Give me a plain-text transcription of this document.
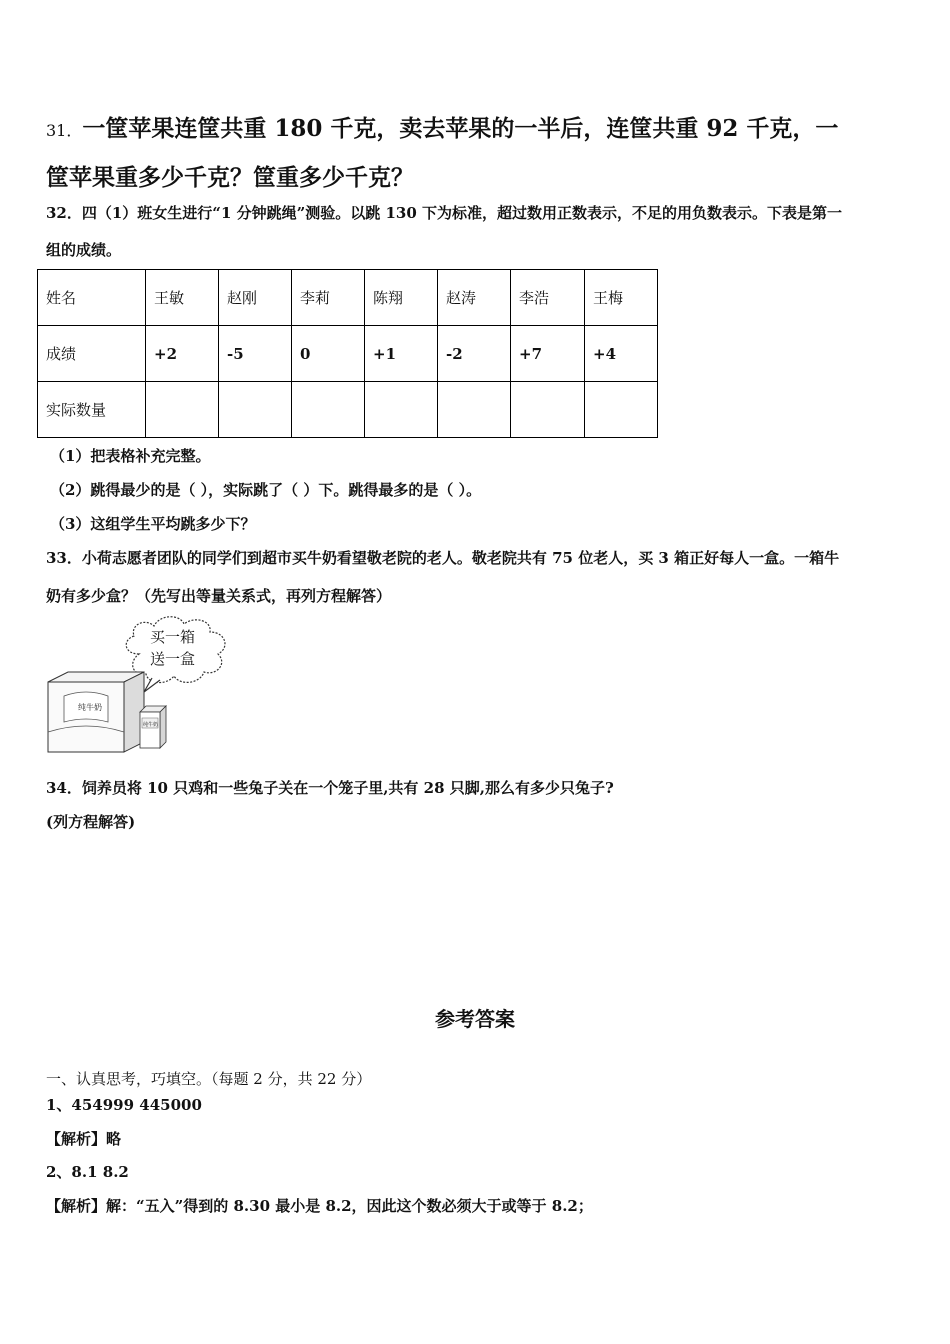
31．一筐苹果连筐共重 180 千克，卖去苹果的一半后，连筐共重 92 千克，一
筐苹果重多少千克？筐重多少千克？
32．四（1）班女生进行“1 分钟跳绳”测验。以跳 130 下为标准，超过数用正数表示，不足的用负数表示。下表是第一
组的成绩。
姓名	王敏	赵刚	李莉	陈翔	赵涛	李浩	王梅
成绩	+2	-5	0	+1	-2	+7	+4
实际数量							
（1）把表格补充完整。
（2）跳得最少的是（ ），实际跳了（ ）下。跳得最多的是（ ）。
（3）这组学生平均跳多少下？
33．小荷志愿者团队的同学们到超市买牛奶看望敬老院的老人。敬老院共有 75 位老人，买 3 箱正好每人一盒。一箱牛
奶有多少盒？（先写出等量关系式，再列方程解答）
买一箱
送一盒
纯牛奶
纯牛奶
34．饲养员将 10 只鸡和一些兔子关在一个笼子里,共有 28 只脚,那么有多少只兔子?
(列方程解答)
参考答案
一、认真思考，巧填空。（每题 2 分，共 22 分）
1、454999 445000
【解析】略
2、8.1 8.2
【解析】解：“五入”得到的 8.30 最小是 8.2，因此这个数必须大于或等于 8.2；
